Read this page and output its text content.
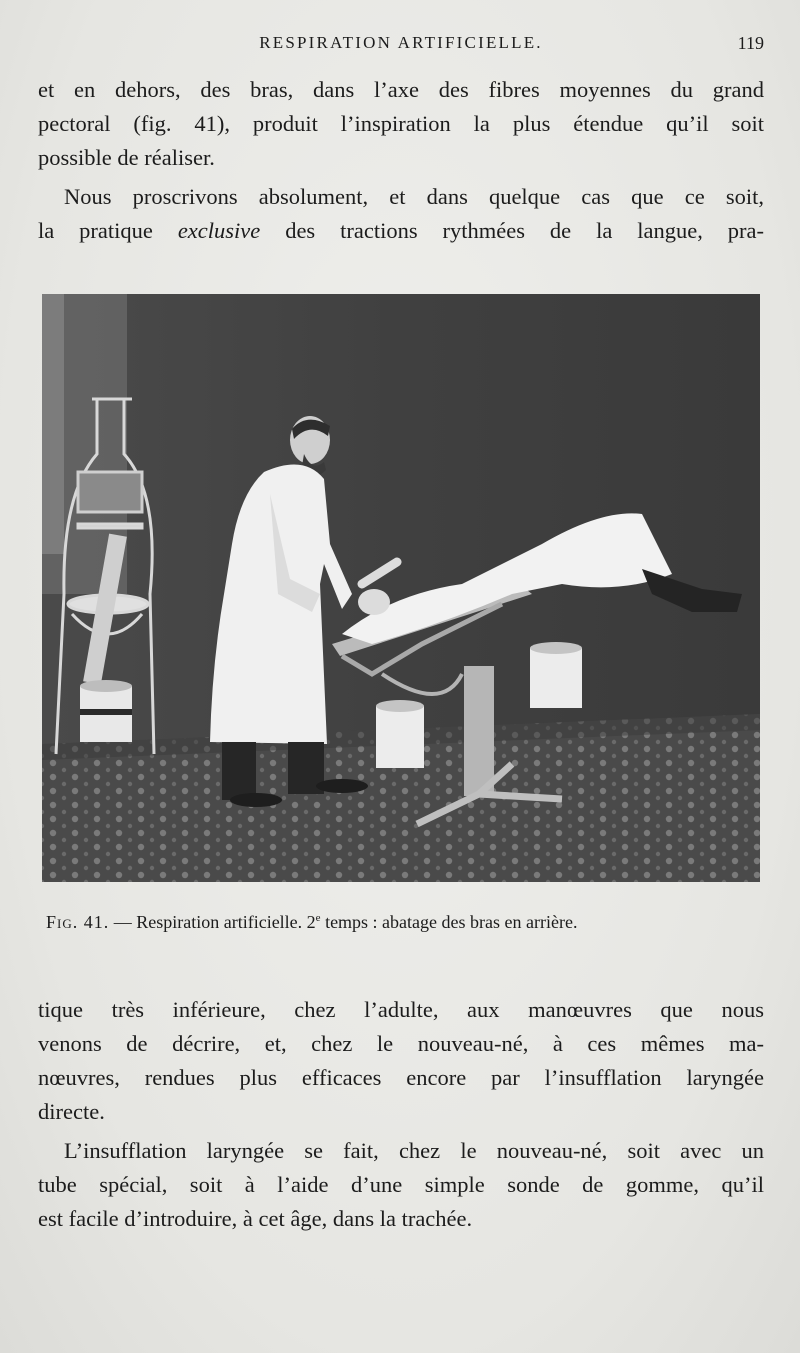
RESPIRATION ARTIFICIELLE.	119

et en dehors, des bras, dans l’axe des fibres moyennes du grand
pectoral (fig. 41), produit l’inspiration la plus étendue qu’il soit
possible de réaliser.

Nous proscrivons absolument, et dans quelque cas que ce soit,
la pratique exclusive des tractions rythmées de la langue, pra-

Fig. 41. — Respiration artificielle. 2e temps : abatage des bras en arrière.

tique très inférieure, chez l’adulte, aux manœuvres que nous
venons de décrire, et, chez le nouveau-né, à ces mêmes ma-
nœuvres, rendues plus efficaces encore par l’insufflation laryngée
directe.

L’insufflation laryngée se fait, chez le nouveau-né, soit avec un
tube spécial, soit à l’aide d’une simple sonde de gomme, qu’il
est facile d’introduire, à cet âge, dans la trachée.
